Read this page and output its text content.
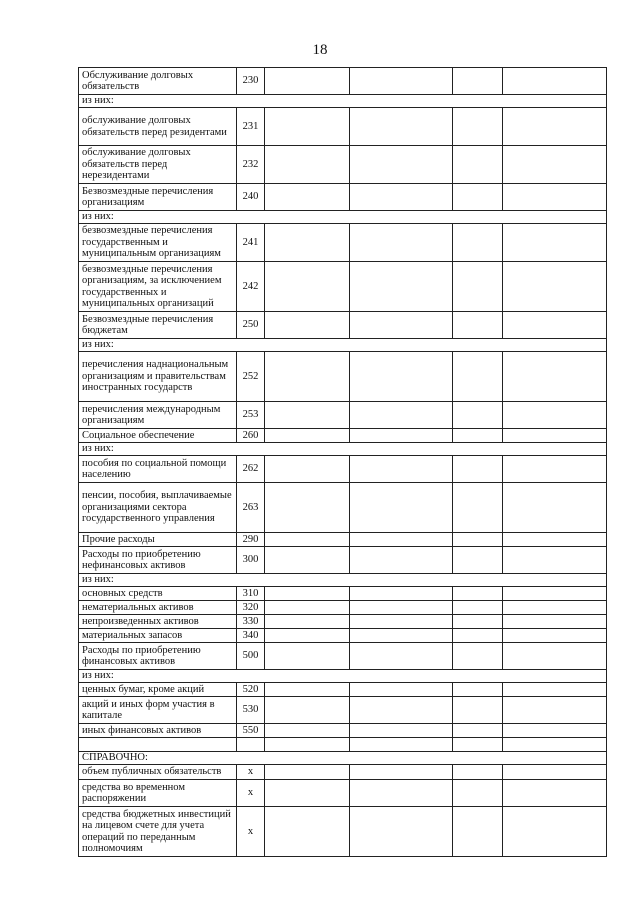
18
Обслуживание долговых обязательств	230				
из них:					
обслуживание долговых обязательств перед резидентами	231				
обслуживание долговых обязательств перед нерезидентами	232				
Безвозмездные перечисления организациям	240				
из них:					
безвозмездные перечисления государственным и муниципальным организациям	241				
безвозмездные перечисления организациям, за исключением государственных и муниципальных организаций	242				
Безвозмездные перечисления бюджетам	250				
из них:					
перечисления наднациональным организациям и правительствам иностранных государств	252				
перечисления международным организациям	253				
Социальное обеспечение	260				
из них:					
пособия по социальной помощи населению	262				
пенсии, пособия, выплачиваемые организациями сектора государственного управления	263				
Прочие расходы	290				
Расходы по приобретению нефинансовых активов	300				
из них:					
основных средств	310				
нематериальных активов	320				
непроизведенных активов	330				
материальных запасов	340				
Расходы по приобретению финансовых активов	500				
из них:					
ценных бумаг, кроме акций	520				
акций и иных форм участия в капитале	530				
иных финансовых активов	550				

СПРАВОЧНО:					
объем публичных обязательств	x				
средства во временном распоряжении	x				
средства бюджетных инвестиций на лицевом счете для учета операций по переданным полномочиям	x				
